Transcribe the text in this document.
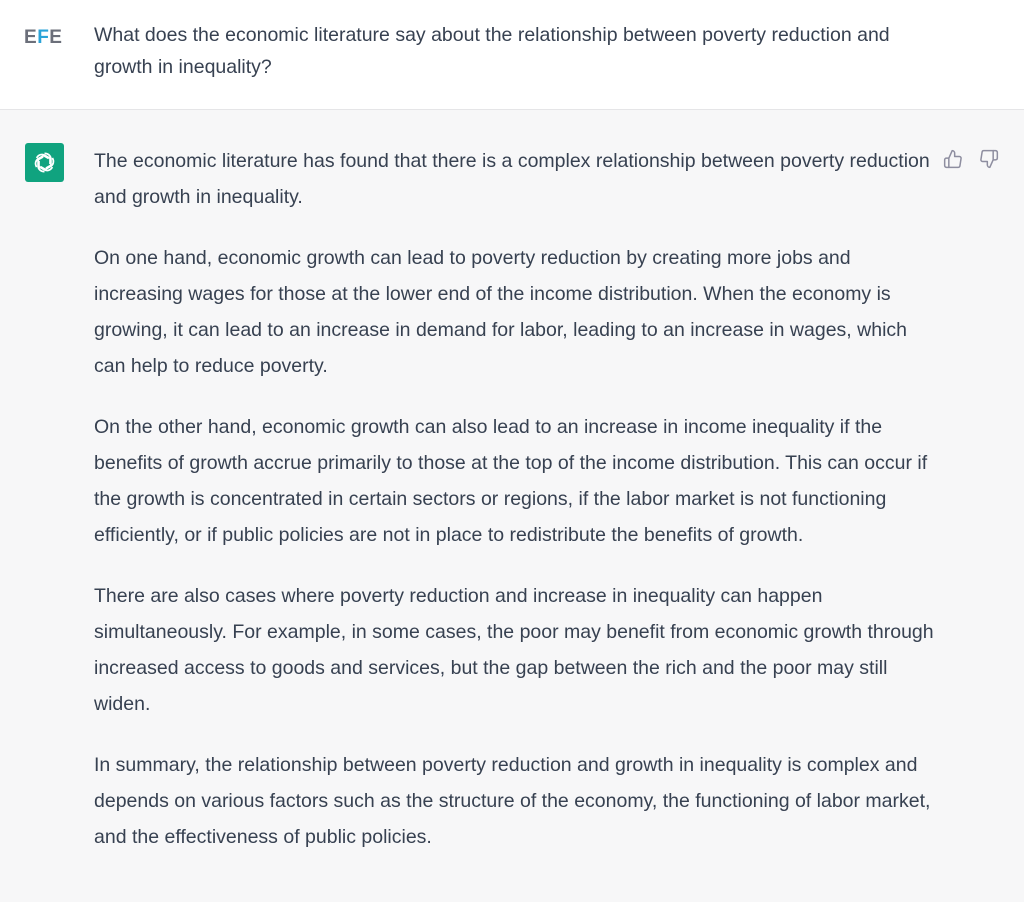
EFE What does the economic literature say about the relationship between poverty reduction and growth in inequality?

The economic literature has found that there is a complex relationship between poverty reduction and growth in inequality.

On one hand, economic growth can lead to poverty reduction by creating more jobs and increasing wages for those at the lower end of the income distribution. When the economy is growing, it can lead to an increase in demand for labor, leading to an increase in wages, which can help to reduce poverty.

On the other hand, economic growth can also lead to an increase in income inequality if the benefits of growth accrue primarily to those at the top of the income distribution. This can occur if the growth is concentrated in certain sectors or regions, if the labor market is not functioning efficiently, or if public policies are not in place to redistribute the benefits of growth.

There are also cases where poverty reduction and increase in inequality can happen simultaneously. For example, in some cases, the poor may benefit from economic growth through increased access to goods and services, but the gap between the rich and the poor may still widen.

In summary, the relationship between poverty reduction and growth in inequality is complex and depends on various factors such as the structure of the economy, the functioning of labor market, and the effectiveness of public policies.
